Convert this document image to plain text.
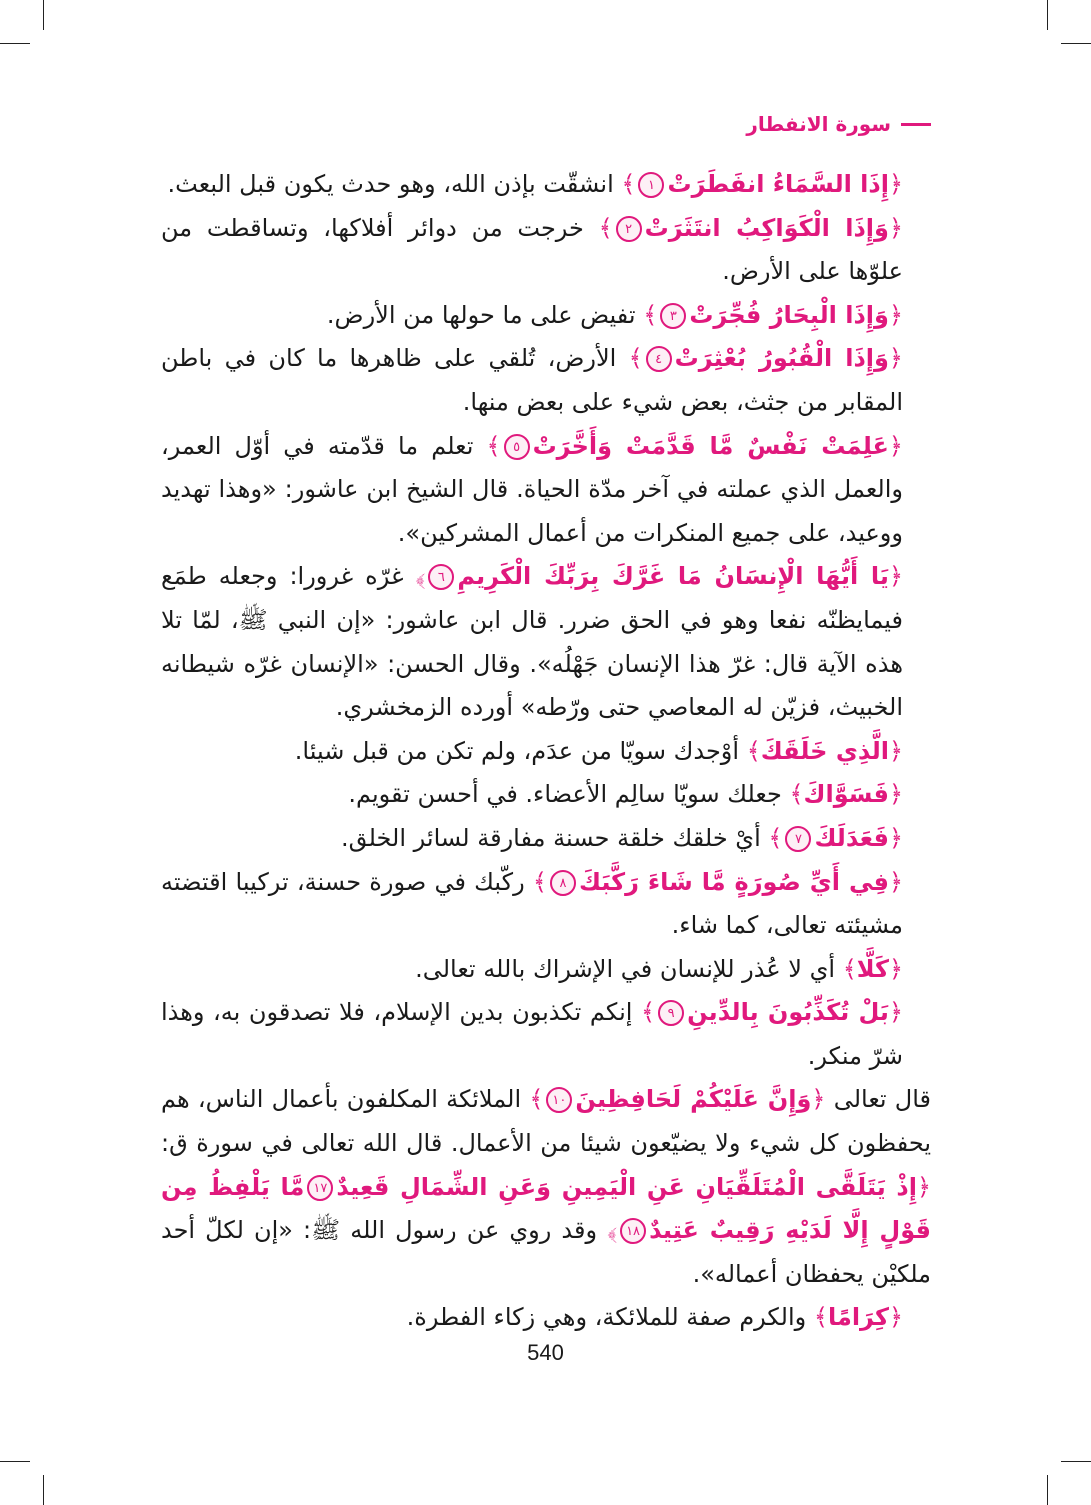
سورة الانفطار

﴿إِذَا السَّمَاءُ انفَطَرَتْ١﴾ انشقّت بإذن الله، وهو حدث يكون قبل البعث.

﴿وَإِذَا الْكَوَاكِبُ انتَثَرَتْ٢﴾ خرجت من دوائر أفلاكها، وتساقطت من علوّها على الأرض.

﴿وَإِذَا الْبِحَارُ فُجِّرَتْ٣﴾ تفيض على ما حولها من الأرض.

﴿وَإِذَا الْقُبُورُ بُعْثِرَتْ٤﴾ الأرض، تُلقي على ظاهرها ما كان في باطن المقابر من جثث، بعض شيء على بعض منها.

﴿عَلِمَتْ نَفْسٌ مَّا قَدَّمَتْ وَأَخَّرَتْ٥﴾ تعلم ما قدّمته في أوّل العمر، والعمل الذي عملته في آخر مدّة الحياة. قال الشيخ ابن عاشور: «وهذا تهديد ووعيد، على جميع المنكرات من أعمال المشركين».

﴿يَا أَيُّهَا الْإِنسَانُ مَا غَرَّكَ بِرَبِّكَ الْكَرِيمِ٦﴾ غرّه غرورا: وجعله طمَع فيمايظنّه نفعا وهو في الحق ضرر. قال ابن عاشور: «إن النبي ﷺ، لمّا تلا هذه الآية قال: غرّ هذا الإنسان جَهْلُه». وقال الحسن: «الإنسان غرّه شيطانه الخبيث، فزيّن له المعاصي حتى ورّطه» أورده الزمخشري.

﴿الَّذِي خَلَقَكَ﴾ أوْجدك سويّا من عدَم، ولم تكن من قبل شيئا.

﴿فَسَوَّاكَ﴾ جعلك سويّا سالِم الأعضاء. في أحسن تقويم.

﴿فَعَدَلَكَ٧﴾ أيْ خلقك خلقة حسنة مفارقة لسائر الخلق.

﴿فِي أَيِّ صُورَةٍ مَّا شَاءَ رَكَّبَكَ٨﴾ ركّبك في صورة حسنة، تركيبا اقتضته مشيئته تعالى، كما شاء.

﴿كَلَّا﴾ أي لا عُذر للإنسان في الإشراك بالله تعالى.

﴿بَلْ تُكَذِّبُونَ بِالدِّينِ٩﴾ إنكم تكذبون بدين الإسلام، فلا تصدقون به، وهذا شرّ منكر.

قال تعالى ﴿وَإِنَّ عَلَيْكُمْ لَحَافِظِينَ١٠﴾ الملائكة المكلفون بأعمال الناس، هم يحفظون كل شيء ولا يضيّعون شيئا من الأعمال. قال الله تعالى في سورة ق: ﴿إِذْ يَتَلَقَّى الْمُتَلَقِّيَانِ عَنِ الْيَمِينِ وَعَنِ الشِّمَالِ قَعِيدٌ١٧مَّا يَلْفِظُ مِن قَوْلٍ إِلَّا لَدَيْهِ رَقِيبٌ عَتِيدٌ١٨﴾ وقد روي عن رسول الله ﷺ: «إن لكلّ أحد ملكيْن يحفظان أعماله».

﴿كِرَامًا﴾ والكرم صفة للملائكة، وهي زكاء الفطرة.

540
